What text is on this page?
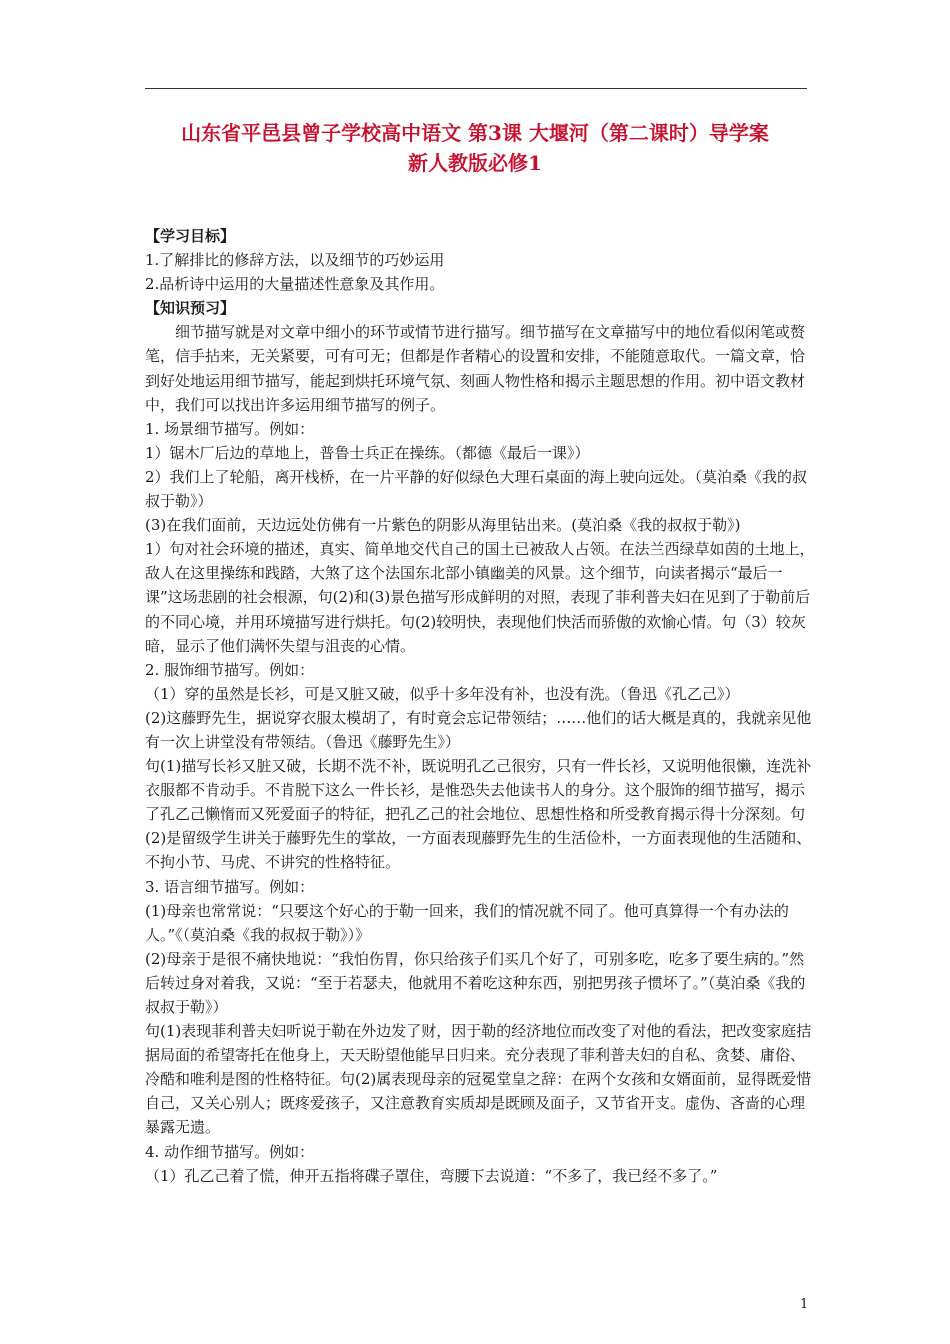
山东省平邑县曾子学校高中语文 第3课 大堰河（第二课时）导学案
新人教版必修1

【学习目标】

1.了解排比的修辞方法，以及细节的巧妙运用

2.品析诗中运用的大量描述性意象及其作用。

【知识预习】

细节描写就是对文章中细小的环节或情节进行描写。细节描写在文章描写中的地位看似闲笔或赘笔，信手拈来，无关紧要，可有可无；但都是作者精心的设置和安排，不能随意取代。一篇文章，恰到好处地运用细节描写，能起到烘托环境气氛、刻画人物性格和揭示主题思想的作用。初中语文教材中，我们可以找出许多运用细节描写的例子。

1. 场景细节描写。例如：

1）锯木厂后边的草地上，普鲁士兵正在操练。（都德《最后一课》）

2）我们上了轮船，离开栈桥，在一片平静的好似绿色大理石桌面的海上驶向远处。（莫泊桑《我的叔叔于勒》）

(3)在我们面前，天边远处仿佛有一片紫色的阴影从海里钻出来。(莫泊桑《我的叔叔于勒》)

1）句对社会环境的描述，真实、简单地交代自己的国土已被敌人占领。在法兰西绿草如茵的土地上，敌人在这里操练和践踏，大煞了这个法国东北部小镇幽美的风景。这个细节，向读者揭示“最后一课”这场悲剧的社会根源，句(2)和(3)景色描写形成鲜明的对照，表现了菲利普夫妇在见到了于勒前后的不同心境，并用环境描写进行烘托。句(2)较明快，表现他们快活而骄傲的欢愉心情。句（3）较灰暗，显示了他们满怀失望与沮丧的心情。

2. 服饰细节描写。例如：

（1）穿的虽然是长衫，可是又脏又破，似乎十多年没有补，也没有洗。（鲁迅《孔乙己》）

(2)这藤野先生，据说穿衣服太模胡了，有时竟会忘记带领结；……他们的话大概是真的，我就亲见他有一次上讲堂没有带领结。（鲁迅《藤野先生》）

句(1)描写长衫又脏又破，长期不洗不补，既说明孔乙己很穷，只有一件长衫，又说明他很懒，连洗补衣服都不肯动手。不肯脱下这么一件长衫，是惟恐失去他读书人的身分。这个服饰的细节描写，揭示了孔乙己懒惰而又死爱面子的特征，把孔乙己的社会地位、思想性格和所受教育揭示得十分深刻。句(2)是留级学生讲关于藤野先生的掌故，一方面表现藤野先生的生活俭朴，一方面表现他的生活随和、不拘小节、马虎、不讲究的性格特征。

3. 语言细节描写。例如：

(1)母亲也常常说：“只要这个好心的于勒一回来，我们的情况就不同了。他可真算得一个有办法的人。”《（莫泊桑《我的叔叔于勒》）》

(2)母亲于是很不痛快地说：“我怕伤胃，你只给孩子们买几个好了，可别多吃，吃多了要生病的。”然后转过身对着我，又说：“至于若瑟夫，他就用不着吃这种东西，别把男孩子惯坏了。”（莫泊桑《我的叔叔于勒》）

句(1)表现菲利普夫妇听说于勒在外边发了财，因于勒的经济地位而改变了对他的看法，把改变家庭拮据局面的希望寄托在他身上，天天盼望他能早日归来。充分表现了菲利普夫妇的自私、贪婪、庸俗、冷酷和唯利是图的性格特征。句(2)属表现母亲的冠冕堂皇之辞：在两个女孩和女婿面前，显得既爱惜自己，又关心别人；既疼爱孩子，又注意教育实质却是既顾及面子，又节省开支。虚伪、吝啬的心理暴露无遗。

4. 动作细节描写。例如：

（1）孔乙己着了慌，伸开五指将碟子罩住，弯腰下去说道：“不多了，我已经不多了。”

1
